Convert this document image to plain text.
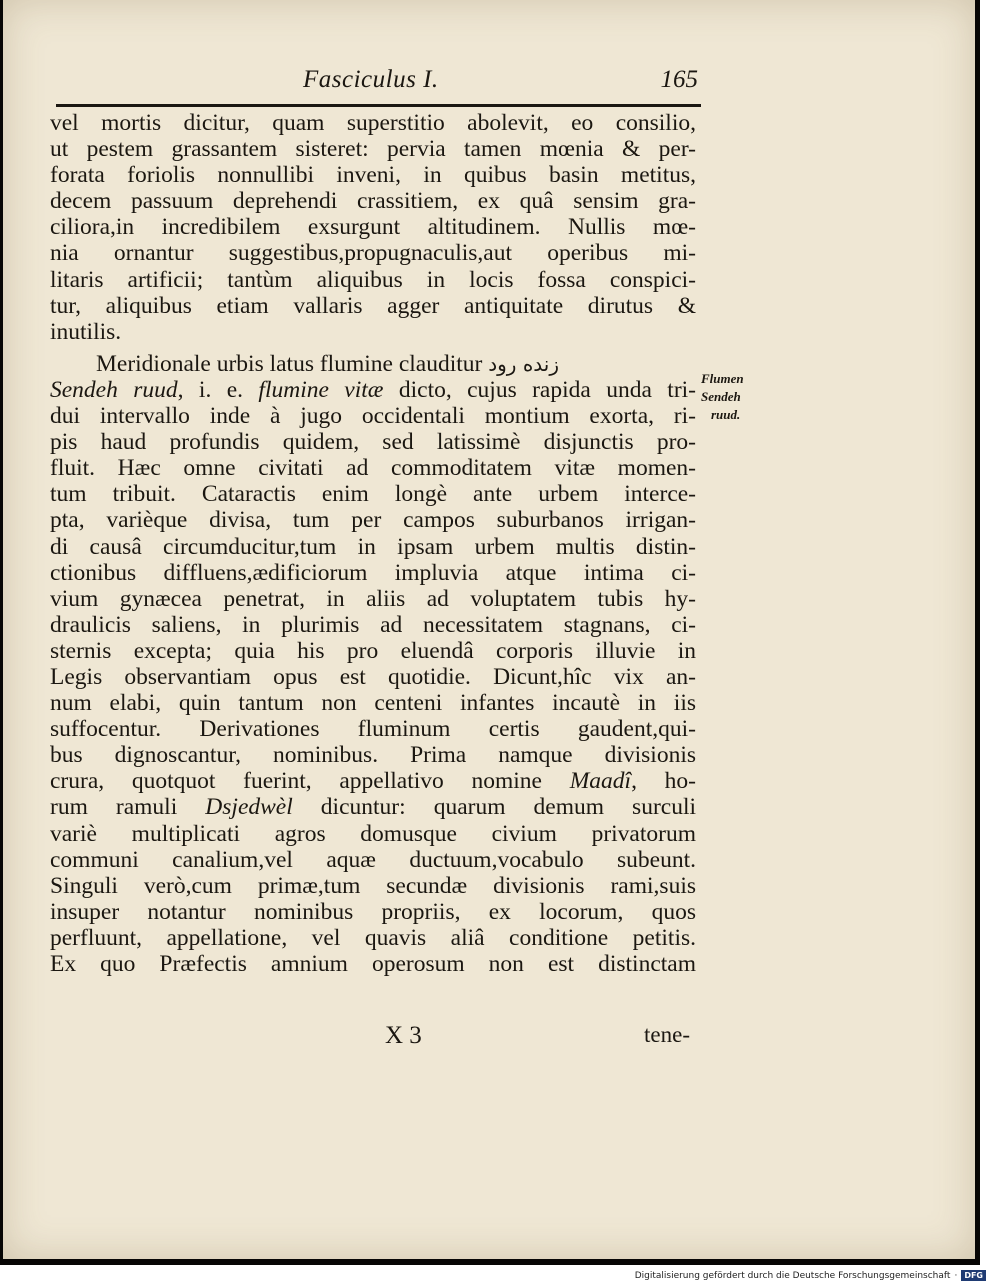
Fasciculus I.	165
vel mortis dicitur, quam superstitio abolevit, eo consilio,
ut pestem grassantem sisteret: pervia tamen mœnia & per-
forata foriolis nonnullibi inveni, in quibus basin metitus,
decem passuum deprehendi crassitiem, ex quâ sensim gra-
ciliora,in incredibilem exsurgunt altitudinem. Nullis mœ-
nia ornantur suggestibus,propugnaculis,aut operibus mi-
litaris artificii; tantùm aliquibus in locis fossa conspici-
tur, aliquibus etiam vallaris agger antiquitate dirutus &
inutilis.
Meridionale urbis latus flumine clauditur زنده رود
Sendeh ruud, i. e. flumine vitæ dicto, cujus rapida unda tri-
dui intervallo inde à jugo occidentali montium exorta, ri-
pis haud profundis quidem, sed latissimè disjunctis pro-
fluit. Hæc omne civitati ad commoditatem vitæ momen-
tum tribuit. Cataractis enim longè ante urbem interce-
pta, varièque divisa, tum per campos suburbanos irrigan-
di causâ circumducitur,tum in ipsam urbem multis distin-
ctionibus diffluens,ædificiorum impluvia atque intima ci-
vium gynæcea penetrat, in aliis ad voluptatem tubis hy-
draulicis saliens, in plurimis ad necessitatem stagnans, ci-
sternis excepta; quia his pro eluendâ corporis illuvie in
Legis observantiam opus est quotidie. Dicunt,hîc vix an-
num elabi, quin tantum non centeni infantes incautè in iis
suffocentur. Derivationes fluminum certis gaudent,qui-
bus dignoscantur, nominibus. Prima namque divisionis
crura, quotquot fuerint, appellativo nomine Maadî, ho-
rum ramuli Dsjedwèl dicuntur: quarum demum surculi
variè multiplicati agros domusque civium privatorum
communi canalium,vel aquæ ductuum,vocabulo subeunt.
Singuli verò,cum primæ,tum secundæ divisionis rami,suis
insuper notantur nominibus propriis, ex locorum, quos
perfluunt, appellatione, vel quavis aliâ conditione petitis.
Ex quo Præfectis amnium operosum non est distinctam
Flumen
Sendeh
ruud.
X 3	tene-
Digitalisierung gefördert durch die Deutsche Forschungsgemeinschaft · DFG
